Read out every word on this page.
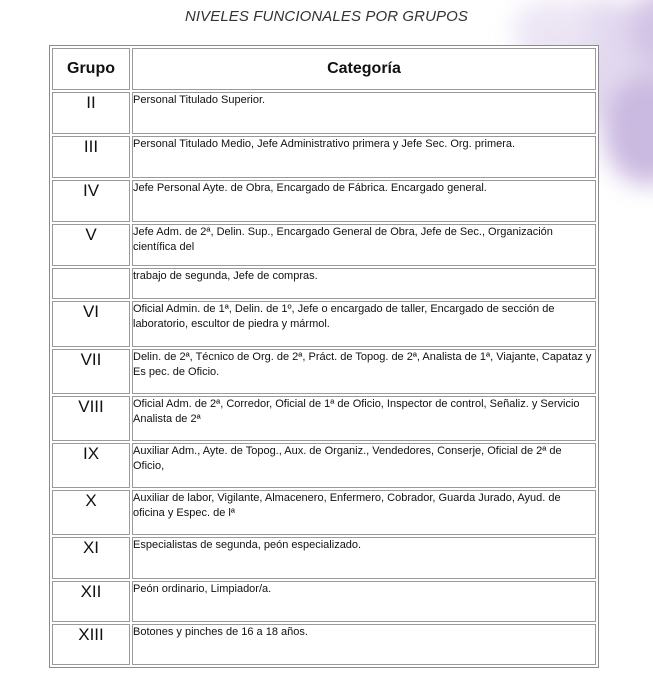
NIVELES FUNCIONALES POR GRUPOS
Grupo	Categoría
II	Personal Titulado Superior.
III	Personal Titulado Medio, Jefe Administrativo primera y Jefe Sec. Org. primera.
IV	Jefe Personal Ayte. de Obra, Encargado de Fábrica. Encargado general.
V	Jefe Adm. de 2ª, Delin. Sup., Encargado General de Obra, Jefe de Sec., Organización científica del
	trabajo de segunda, Jefe de compras.
VI	Oficial Admin. de 1ª, Delin. de 1º, Jefe o encargado de taller, Encargado de sección de laboratorio, escultor de piedra y mármol.
VII	Delin. de 2ª, Técnico de Org. de 2ª, Práct. de Topog. de 2ª, Analista de 1ª, Viajante, Capataz y Es pec. de Oficio.
VIII	Oficial Adm. de 2ª, Corredor, Oficial de 1ª de Oficio, Inspector de control, Señaliz. y Servicio Analista de 2ª
IX	Auxiliar Adm., Ayte. de Topog., Aux. de Organiz., Vendedores, Conserje, Oficial de 2ª de Oficio,
X	Auxiliar de labor, Vigilante, Almacenero, Enfermero, Cobrador, Guarda Jurado, Ayud. de oficina y Espec. de lª
XI	Especialistas de segunda, peón especializado.
XII	Peón ordinario, Limpiador/a.
XIII	Botones y pinches de 16 a 18 años.
